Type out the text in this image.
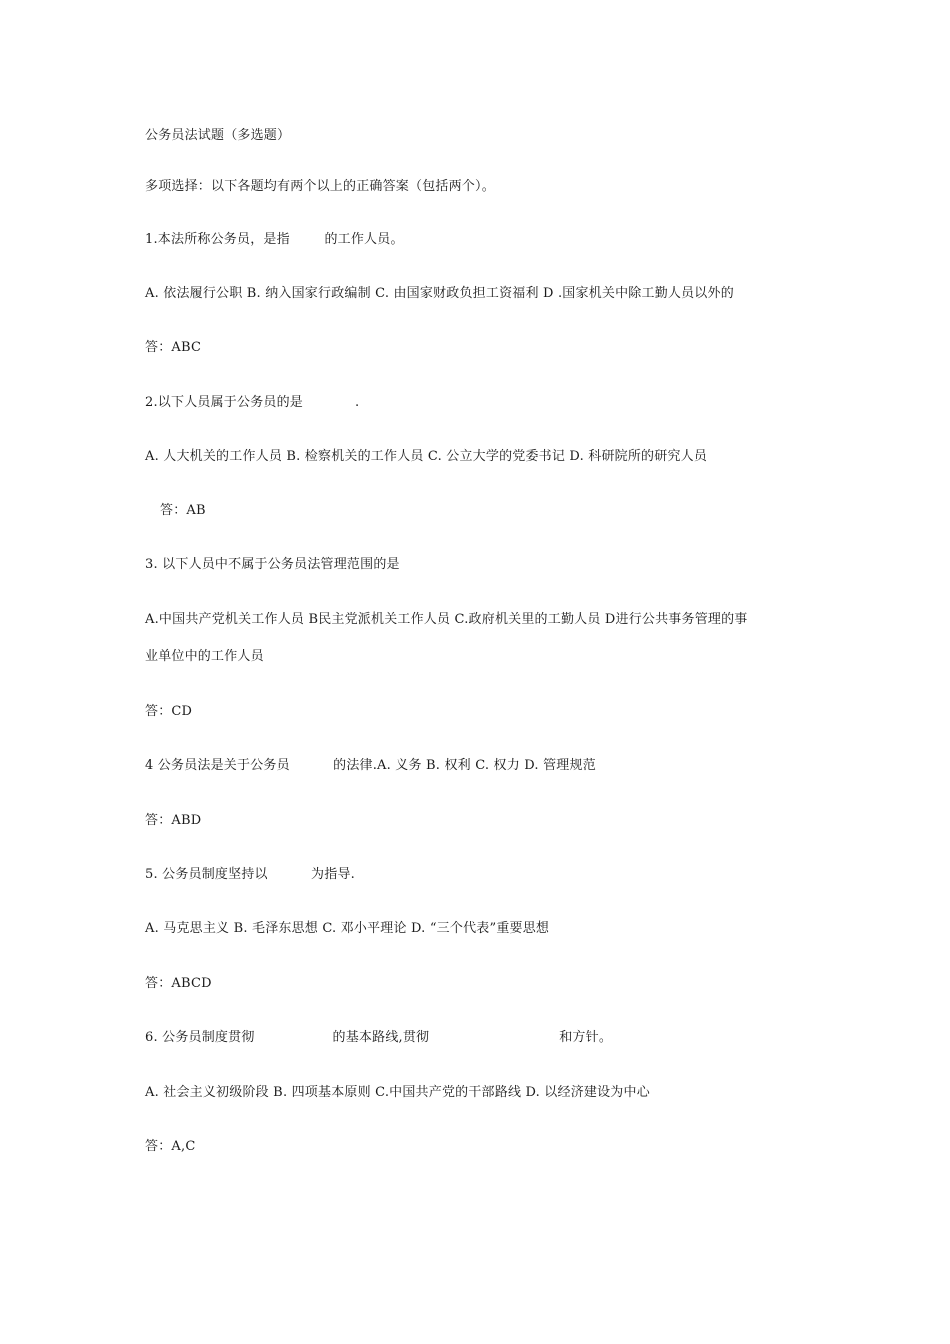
公务员法试题（多选题）
多项选择：以下各题均有两个以上的正确答案（包括两个）。
1.本法所称公务员，是指        的工作人员。
A. 依法履行公职 B. 纳入国家行政编制 C. 由国家财政负担工资福利 D .国家机关中除工勤人员以外的
答：ABC
2.以下人员属于公务员的是            .
A. 人大机关的工作人员 B. 检察机关的工作人员 C. 公立大学的党委书记 D. 科研院所的研究人员
答：AB
3. 以下人员中不属于公务员法管理范围的是
A.中国共产党机关工作人员 B民主党派机关工作人员 C.政府机关里的工勤人员 D进行公共事务管理的事
业单位中的工作人员
答：CD
4 公务员法是关于公务员          的法律.A. 义务 B. 权利 C. 权力 D. 管理规范
答：ABD
5. 公务员制度坚持以          为指导.
A. 马克思主义 B. 毛泽东思想 C. 邓小平理论 D. “三个代表”重要思想
答：ABCD
6. 公务员制度贯彻                  的基本路线,贯彻                              和方针。
A. 社会主义初级阶段 B. 四项基本原则 C.中国共产党的干部路线 D. 以经济建设为中心
答：A,C
